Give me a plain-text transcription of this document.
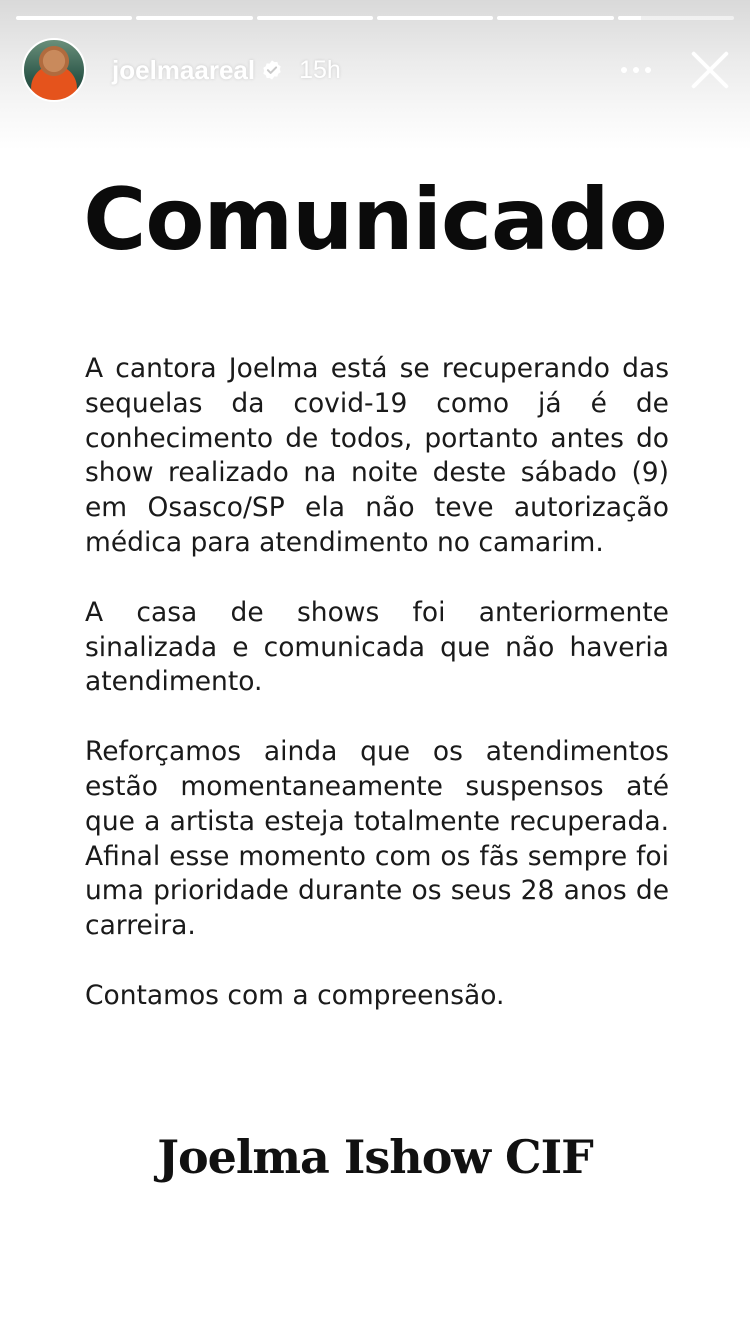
joelmaareal 15h
Comunicado

A cantora Joelma está se recuperando das sequelas da covid-19 como já é de conhecimento de todos, portanto antes do show realizado na noite deste sábado (9) em Osasco/SP ela não teve autorização médica para atendimento no camarim.

A casa de shows foi anteriormente sinalizada e comunicada que não haveria atendimento.

Reforçamos ainda que os atendimentos estão momentaneamente suspensos até que a artista esteja totalmente recuperada. Afinal esse momento com os fãs sempre foi uma prioridade durante os seus 28 anos de carreira.

Contamos com a compreensão.

Joelma Ishow CIF
